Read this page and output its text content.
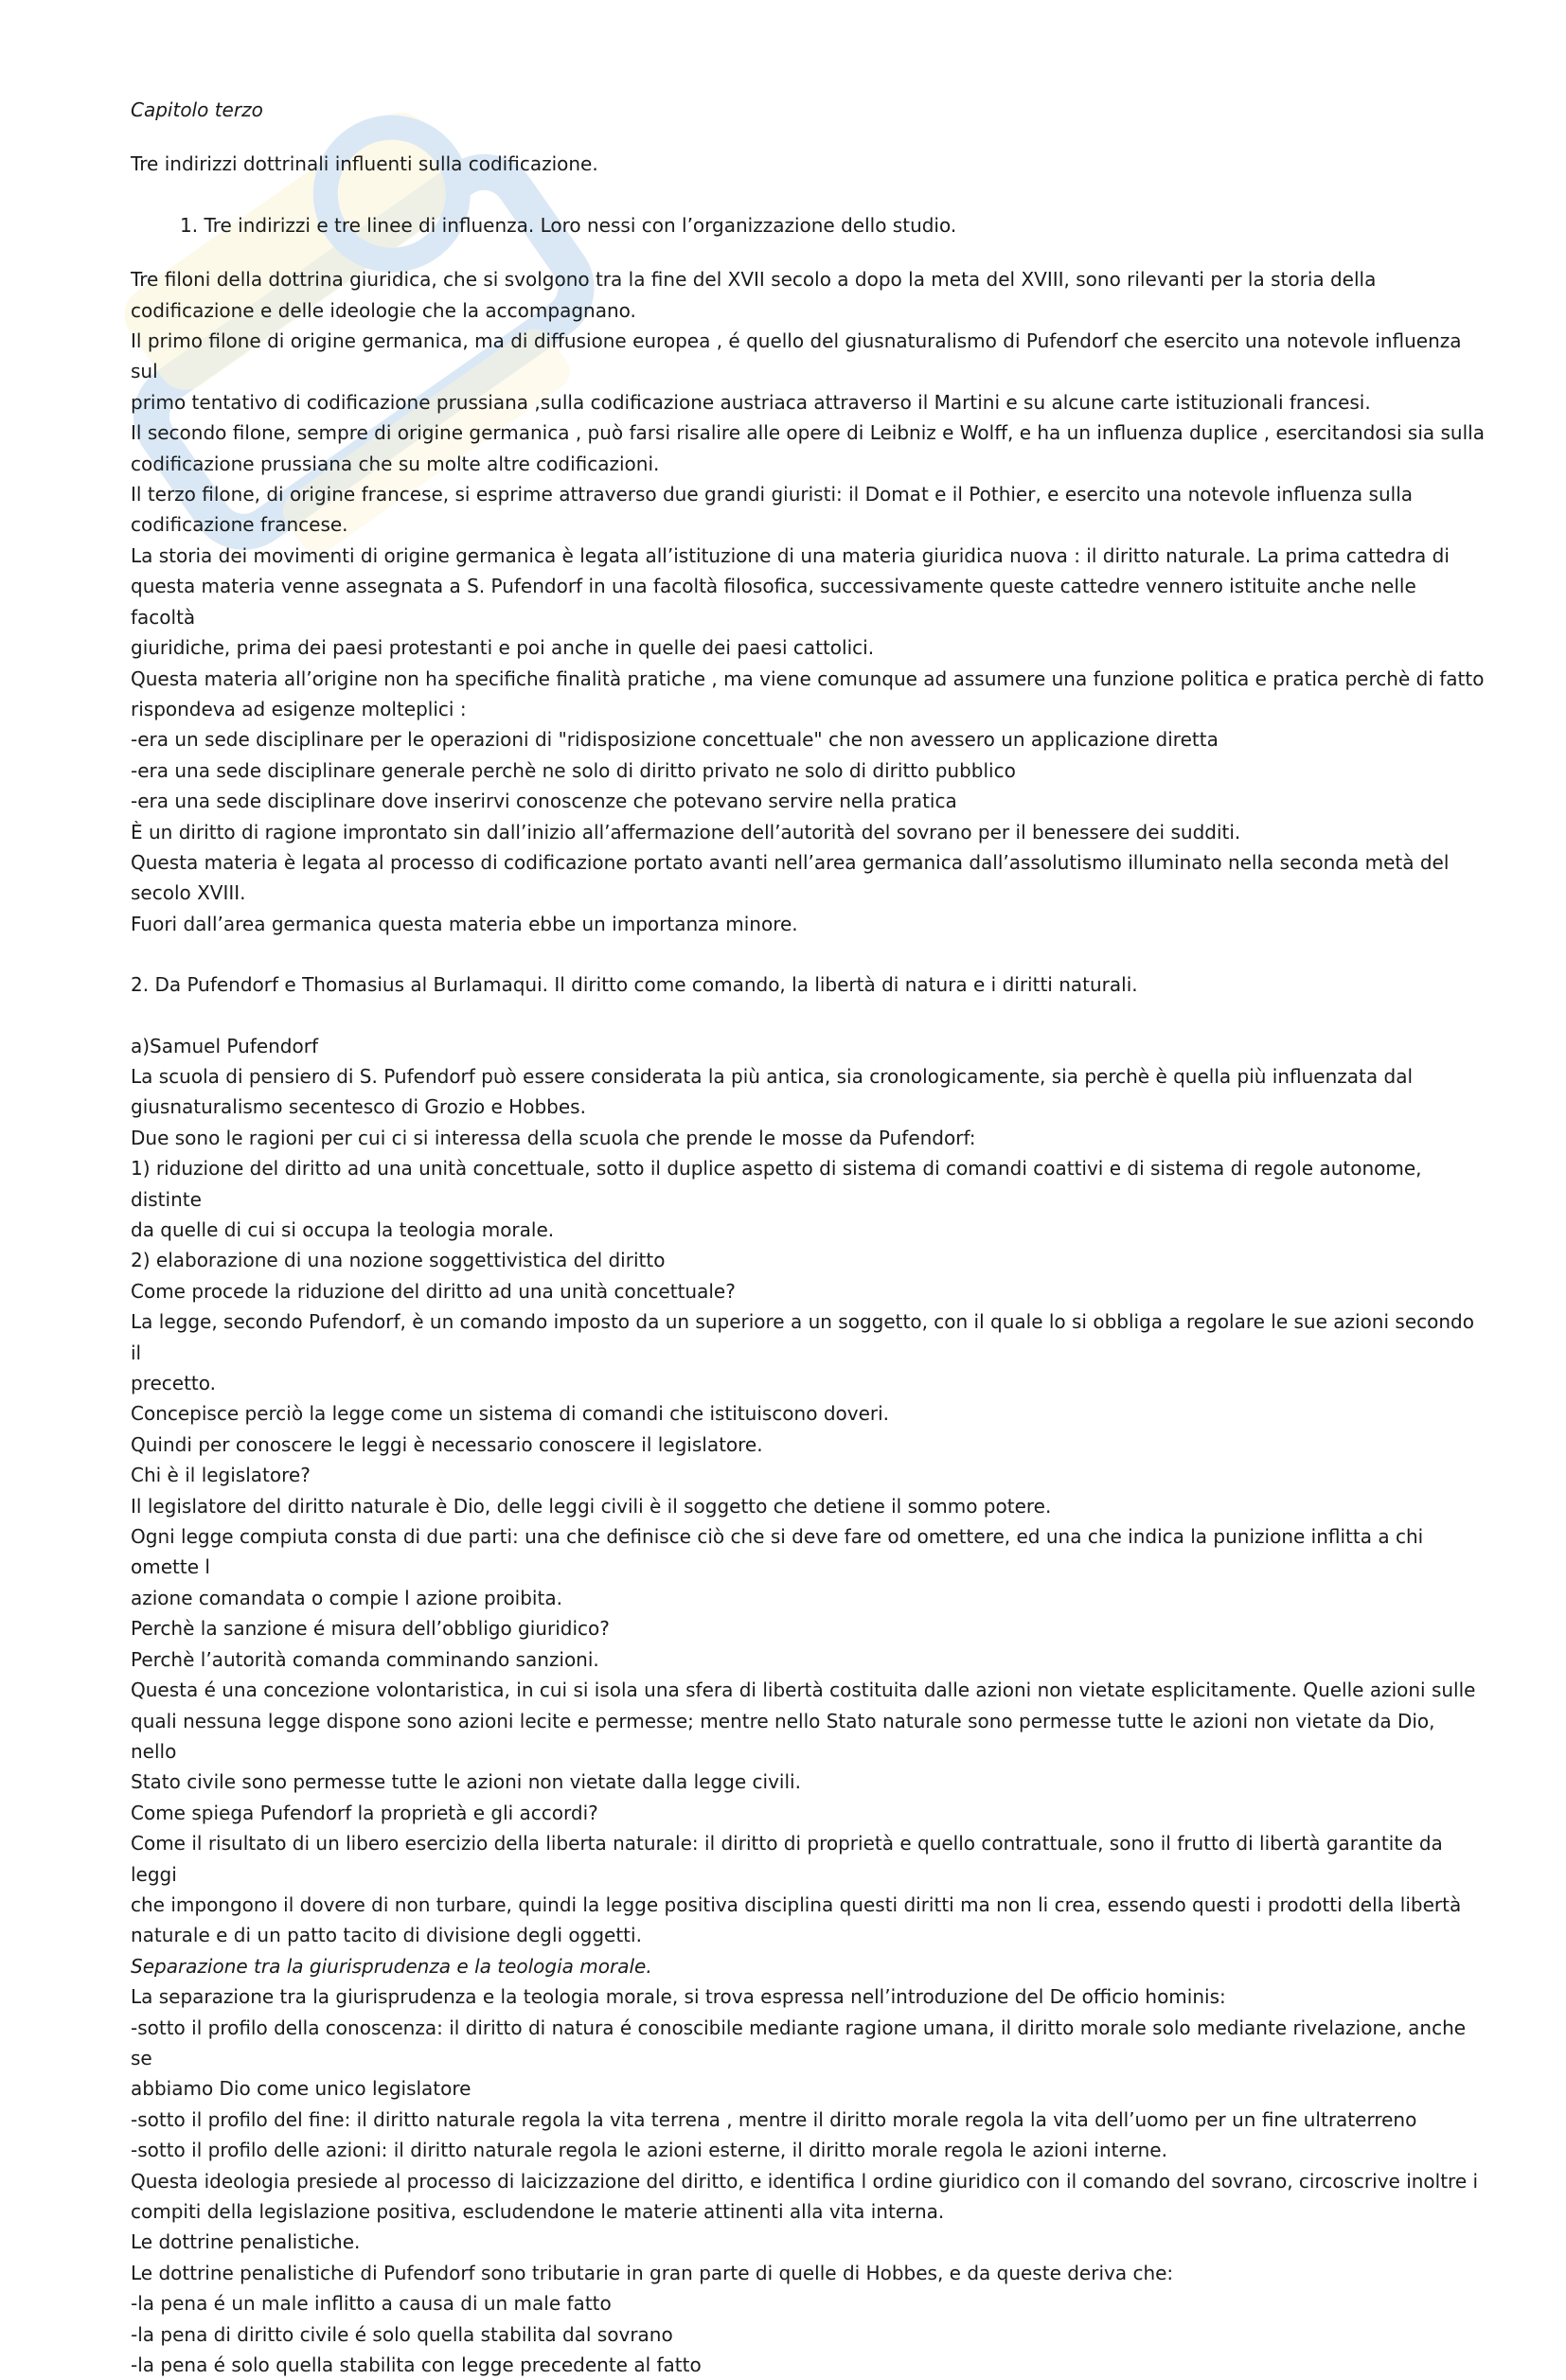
Capitolo terzo

Tre indirizzi dottrinali influenti sulla codificazione.

1. Tre indirizzi e tre linee di influenza. Loro nessi con l’organizzazione dello studio.

Tre filoni della dottrina giuridica, che si svolgono tra la fine del XVII secolo a dopo la meta del XVIII, sono rilevanti per la storia della

codificazione e delle ideologie che la accompagnano.

Il primo filone di origine germanica, ma di diffusione europea , é quello del giusnaturalismo di Pufendorf che esercito una notevole influenza sul

primo tentativo di codificazione prussiana ,sulla codificazione austriaca attraverso il Martini e su alcune carte istituzionali francesi.

Il secondo filone, sempre di origine germanica , può farsi risalire alle opere di Leibniz e Wolff, e ha un influenza duplice , esercitandosi sia sulla

codificazione prussiana che su molte altre codificazioni.

Il terzo filone, di origine francese, si esprime attraverso due grandi giuristi: il Domat e il Pothier, e esercito una notevole influenza sulla

codificazione francese.

La storia dei movimenti di origine germanica è legata all’istituzione di una materia giuridica nuova : il diritto naturale. La prima cattedra di

questa materia venne assegnata a S. Pufendorf in una facoltà filosofica, successivamente queste cattedre vennero istituite anche nelle facoltà

giuridiche, prima dei paesi protestanti e poi anche in quelle dei paesi cattolici.

Questa materia all’origine non ha specifiche finalità pratiche , ma viene comunque ad assumere una funzione politica e pratica perchè di fatto

rispondeva ad esigenze molteplici :

-era un sede disciplinare per le operazioni di "ridisposizione concettuale" che non avessero un applicazione diretta

-era una sede disciplinare generale perchè ne solo di diritto privato ne solo di diritto pubblico

-era una sede disciplinare dove inserirvi conoscenze che potevano servire nella pratica

È un diritto di ragione improntato sin dall’inizio all’affermazione dell’autorità del sovrano per il benessere dei sudditi.

Questa materia è legata al processo di codificazione portato avanti nell’area germanica dall’assolutismo illuminato nella seconda metà del

secolo XVIII.

Fuori dall’area germanica questa materia ebbe un importanza minore.

2. Da Pufendorf e Thomasius al Burlamaqui. Il diritto come comando, la libertà di natura e i diritti naturali.

a)Samuel Pufendorf

La scuola di pensiero di S. Pufendorf può essere considerata la più antica, sia cronologicamente, sia perchè è quella più influenzata dal

giusnaturalismo secentesco di Grozio e Hobbes.

Due sono le ragioni per cui ci si interessa della scuola che prende le mosse da Pufendorf:

1) riduzione del diritto ad una unità concettuale, sotto il duplice aspetto di sistema di comandi coattivi e di sistema di regole autonome, distinte

da quelle di cui si occupa la teologia morale.

2) elaborazione di una nozione soggettivistica del diritto

Come procede la riduzione del diritto ad una unità concettuale?

La legge, secondo Pufendorf, è un comando imposto da un superiore a un soggetto, con il quale lo si obbliga a regolare le sue azioni secondo il

precetto.

Concepisce perciò la legge come un sistema di comandi che istituiscono doveri.

Quindi per conoscere le leggi è necessario conoscere il legislatore.

Chi è il legislatore?

Il legislatore del diritto naturale è Dio, delle leggi civili è il soggetto che detiene il sommo potere.

Ogni legge compiuta consta di due parti: una che definisce ciò che si deve fare od omettere, ed una che indica la punizione inflitta a chi omette l

azione comandata o compie l azione proibita.

Perchè la sanzione é misura dell’obbligo giuridico?

Perchè l’autorità comanda comminando sanzioni.

Questa é una concezione volontaristica, in cui si isola una sfera di libertà costituita dalle azioni non vietate esplicitamente. Quelle azioni sulle

quali nessuna legge dispone sono azioni lecite e permesse; mentre nello Stato naturale sono permesse tutte le azioni non vietate da Dio, nello

Stato civile sono permesse tutte le azioni non vietate dalla legge civili.

Come spiega Pufendorf la proprietà e gli accordi?

Come il risultato di un libero esercizio della liberta naturale: il diritto di proprietà e quello contrattuale, sono il frutto di libertà garantite da leggi

che impongono il dovere di non turbare, quindi la legge positiva disciplina questi diritti ma non li crea, essendo questi i prodotti della libertà

naturale e di un patto tacito di divisione degli oggetti.

Separazione tra la giurisprudenza e la teologia morale.

La separazione tra la giurisprudenza e la teologia morale, si trova espressa nell’introduzione del De officio hominis:

-sotto il profilo della conoscenza: il diritto di natura é conoscibile mediante ragione umana, il diritto morale solo mediante rivelazione, anche se

abbiamo Dio come unico legislatore

-sotto il profilo del fine: il diritto naturale regola la vita terrena , mentre il diritto morale regola la vita dell’uomo per un fine ultraterreno

-sotto il profilo delle azioni: il diritto naturale regola le azioni esterne, il diritto morale regola le azioni interne.

Questa ideologia presiede al processo di laicizzazione del diritto, e identifica l ordine giuridico con il comando del sovrano, circoscrive inoltre i

compiti della legislazione positiva, escludendone le materie attinenti alla vita interna.

Le dottrine penalistiche.

Le dottrine penalistiche di Pufendorf sono tributarie in gran parte di quelle di Hobbes, e da queste deriva che:

-la pena é un male inflitto a causa di un male fatto

-la pena di diritto civile é solo quella stabilita dal sovrano

-la pena é solo quella stabilita con legge precedente al fatto
